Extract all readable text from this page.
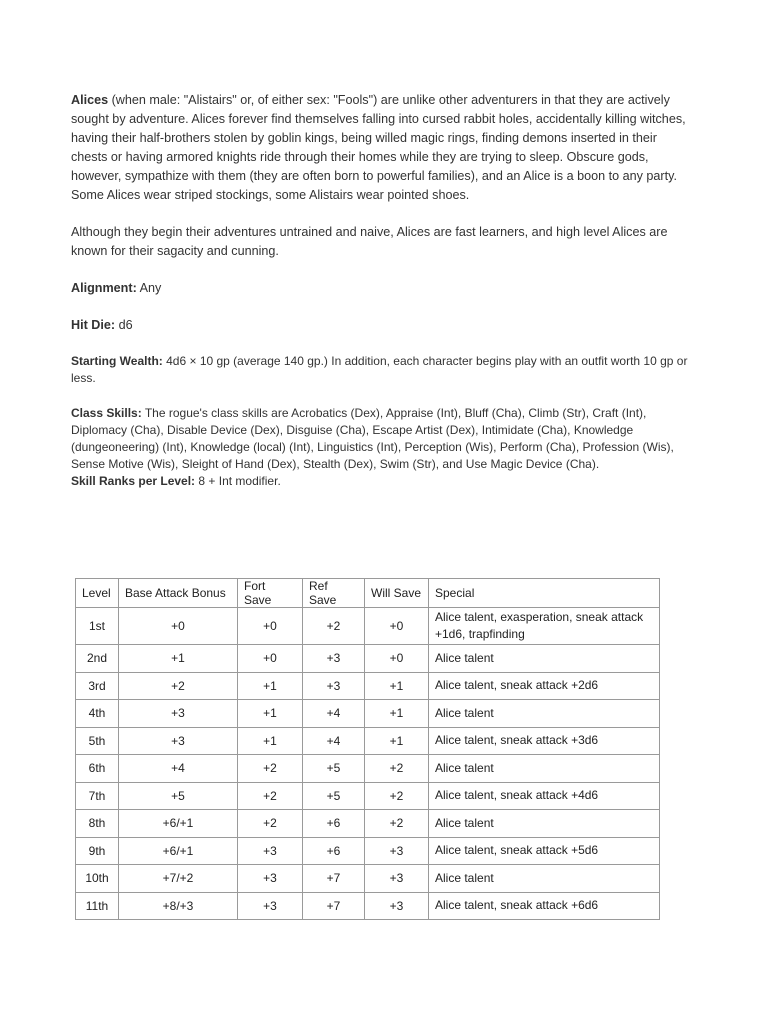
Alices (when male: "Alistairs" or, of either sex: "Fools") are unlike other adventurers in that they are actively sought by adventure. Alices forever find themselves falling into cursed rabbit holes, accidentally killing witches, having their half-brothers stolen by goblin kings, being willed magic rings, finding demons inserted in their chests or having armored knights ride through their homes while they are trying to sleep. Obscure gods, however, sympathize with them (they are often born to powerful families), and an Alice is a boon to any party. Some Alices wear striped stockings, some Alistairs wear pointed shoes.

Although they begin their adventures untrained and naive, Alices are fast learners, and high level Alices are known for their sagacity and cunning.

Alignment: Any

Hit Die: d6

Starting Wealth: 4d6 × 10 gp (average 140 gp.) In addition, each character begins play with an outfit worth 10 gp or less.

Class Skills: The rogue's class skills are Acrobatics (Dex), Appraise (Int), Bluff (Cha), Climb (Str), Craft (Int), Diplomacy (Cha), Disable Device (Dex), Disguise (Cha), Escape Artist (Dex), Intimidate (Cha), Knowledge (dungeoneering) (Int), Knowledge (local) (Int), Linguistics (Int), Perception (Wis), Perform (Cha), Profession (Wis), Sense Motive (Wis), Sleight of Hand (Dex), Stealth (Dex), Swim (Str), and Use Magic Device (Cha).

Skill Ranks per Level: 8 + Int modifier.

Level	Base Attack Bonus	Fort Save	Ref Save	Will Save	Special
1st	+0	+0	+2	+0	Alice talent, exasperation, sneak attack +1d6, trapfinding
2nd	+1	+0	+3	+0	Alice talent
3rd	+2	+1	+3	+1	Alice talent, sneak attack +2d6
4th	+3	+1	+4	+1	Alice talent
5th	+3	+1	+4	+1	Alice talent, sneak attack +3d6
6th	+4	+2	+5	+2	Alice talent
7th	+5	+2	+5	+2	Alice talent, sneak attack +4d6
8th	+6/+1	+2	+6	+2	Alice talent
9th	+6/+1	+3	+6	+3	Alice talent, sneak attack +5d6
10th	+7/+2	+3	+7	+3	Alice talent
11th	+8/+3	+3	+7	+3	Alice talent, sneak attack +6d6
